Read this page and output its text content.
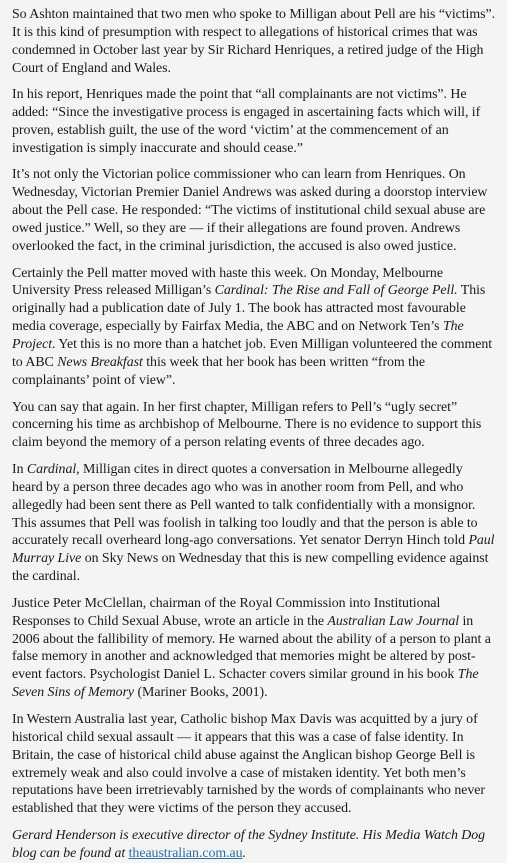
So Ashton maintained that two men who spoke to Milligan about Pell are his “victims”. It is this kind of presumption with respect to allegations of historical crimes that was condemned in October last year by Sir Richard Henriques, a retired judge of the High Court of England and Wales.

In his report, Henriques made the point that “all complainants are not victims”. He added: “Since the investigative process is engaged in ascertaining facts which will, if proven, establish guilt, the use of the word ‘victim’ at the commencement of an investigation is simply inaccurate and should cease.”

It’s not only the Victorian police commissioner who can learn from Henriques. On Wednesday, Victorian Premier Daniel Andrews was asked during a doorstop interview about the Pell case. He responded: “The victims of institutional child sexual abuse are owed justice.” Well, so they are — if their allegations are found proven. Andrews overlooked the fact, in the criminal jurisdiction, the accused is also owed justice.

Certainly the Pell matter moved with haste this week. On Monday, Melbourne University Press released Milligan’s Cardinal: The Rise and Fall of George Pell. This originally had a publication date of July 1. The book has attracted most favourable media coverage, especially by Fairfax Media, the ABC and on Network Ten’s The Project. Yet this is no more than a hatchet job. Even Milligan volunteered the comment to ABC News Breakfast this week that her book has been written “from the complainants’ point of view”.

You can say that again. In her first chapter, Milligan refers to Pell’s “ugly secret” concerning his time as archbishop of Melbourne. There is no evidence to support this claim beyond the memory of a person relating events of three decades ago.

In Cardinal, Milligan cites in direct quotes a conversation in Melbourne allegedly heard by a person three decades ago who was in another room from Pell, and who allegedly had been sent there as Pell wanted to talk confidentially with a monsignor. This assumes that Pell was foolish in talking too loudly and that the person is able to accurately recall overheard long-ago conversations. Yet senator Derryn Hinch told Paul Murray Live on Sky News on Wednesday that this is new compelling evidence against the cardinal.

Justice Peter McClellan, chairman of the Royal Commission into Institutional Responses to Child Sexual Abuse, wrote an article in the Australian Law Journal in 2006 about the fallibility of memory. He warned about the ability of a person to plant a false memory in another and acknowledged that memories might be altered by post-event factors. Psychologist Daniel L. Schacter covers similar ground in his book The Seven Sins of Memory (Mariner Books, 2001).

In Western Australia last year, Catholic bishop Max Davis was acquitted by a jury of historical child sexual assault — it appears that this was a case of false identity. In Britain, the case of historical child abuse against the Anglican bishop George Bell is extremely weak and also could involve a case of mistaken identity. Yet both men’s reputations have been irretrievably tarnished by the words of complainants who never established that they were victims of the person they accused.

Gerard Henderson is executive director of the Sydney Institute. His Media Watch Dog blog can be found at theaustralian.com.au.
